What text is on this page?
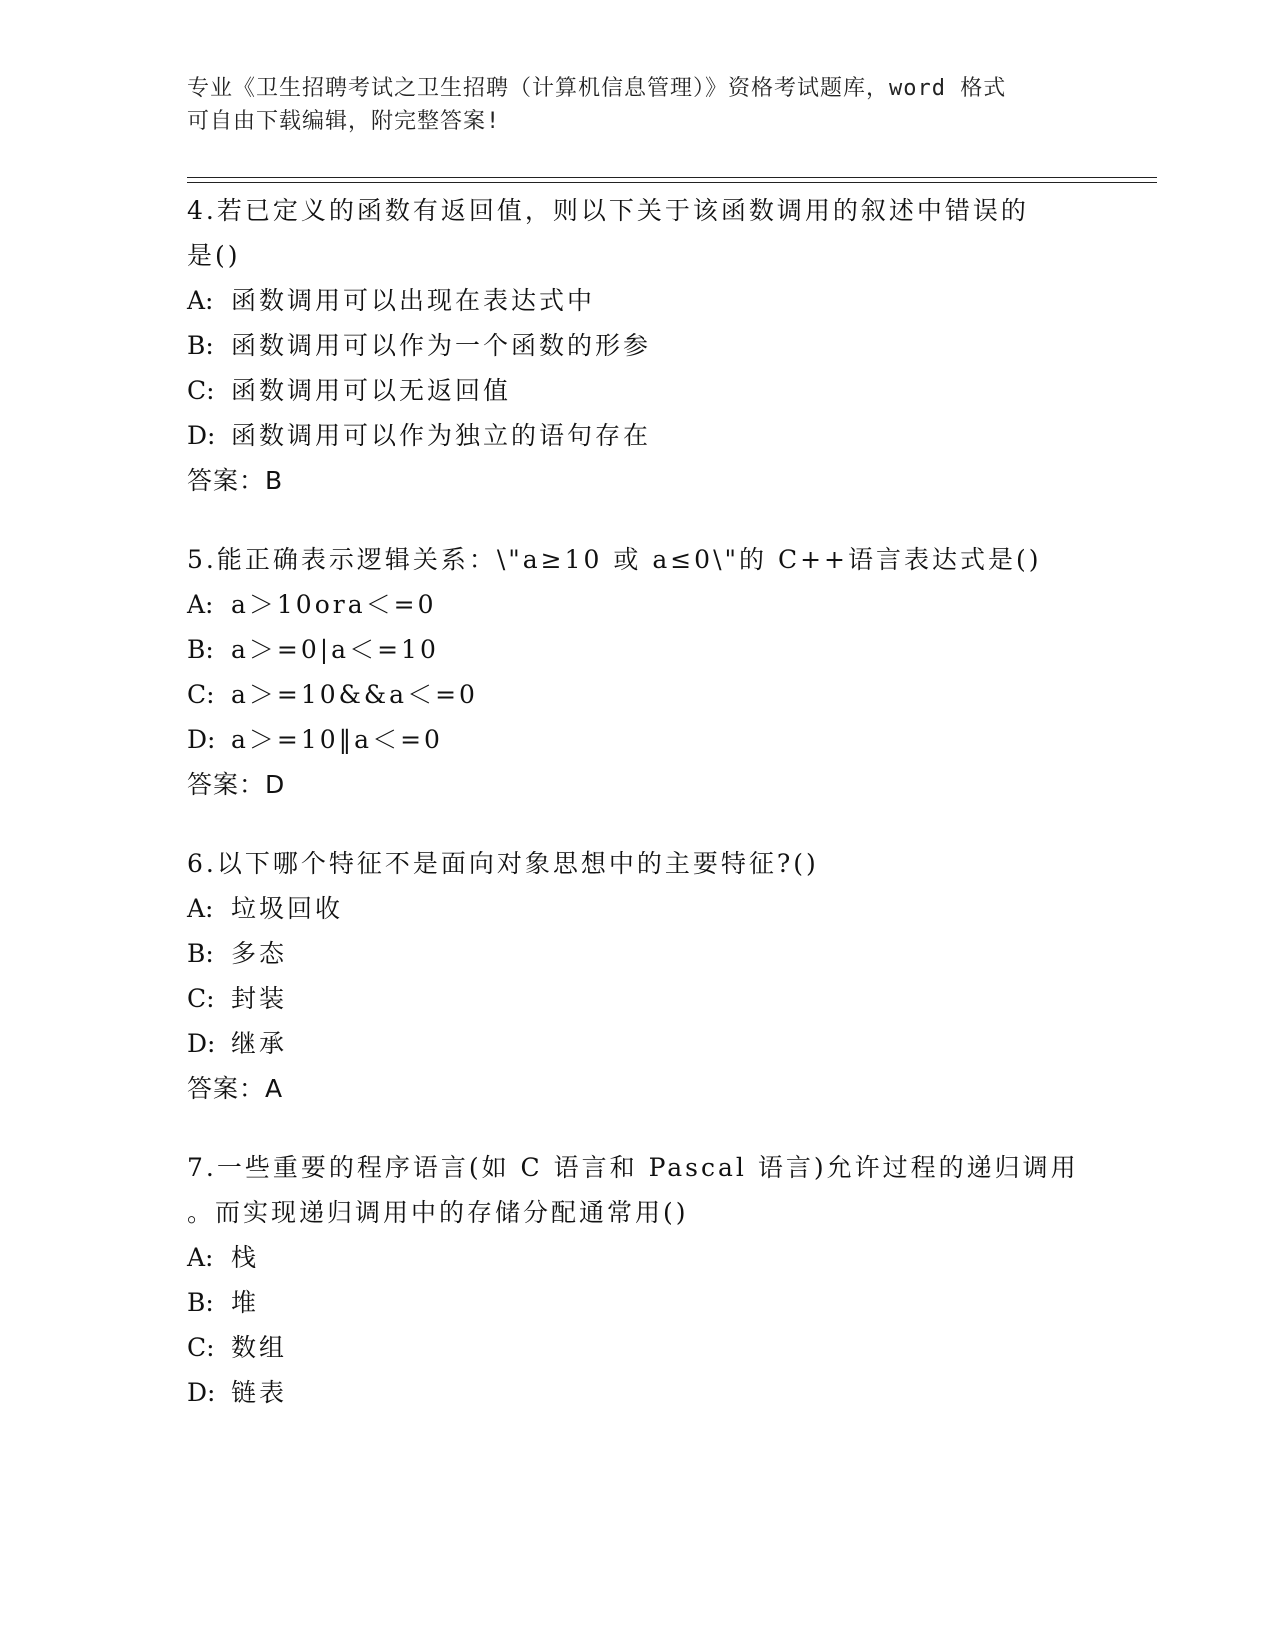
专业《卫生招聘考试之卫生招聘（计算机信息管理）》资格考试题库，word 格式
可自由下载编辑，附完整答案!
4.若已定义的函数有返回值，则以下关于该函数调用的叙述中错误的
是()
A: 函数调用可以出现在表达式中
B: 函数调用可以作为一个函数的形参
C: 函数调用可以无返回值
D: 函数调用可以作为独立的语句存在
答案：B
5.能正确表示逻辑关系：\"a≥10 或 a≤0\"的 C++语言表达式是()
A: a＞10ora＜=0
B: a＞=0|a＜=10
C: a＞=10&&a＜=0
D: a＞=10‖a＜=0
答案：D
6.以下哪个特征不是面向对象思想中的主要特征?()
A: 垃圾回收
B: 多态
C: 封装
D: 继承
答案：A
7.一些重要的程序语言(如 C 语言和 Pascal 语言)允许过程的递归调用
。而实现递归调用中的存储分配通常用()
A: 栈
B: 堆
C: 数组
D: 链表
